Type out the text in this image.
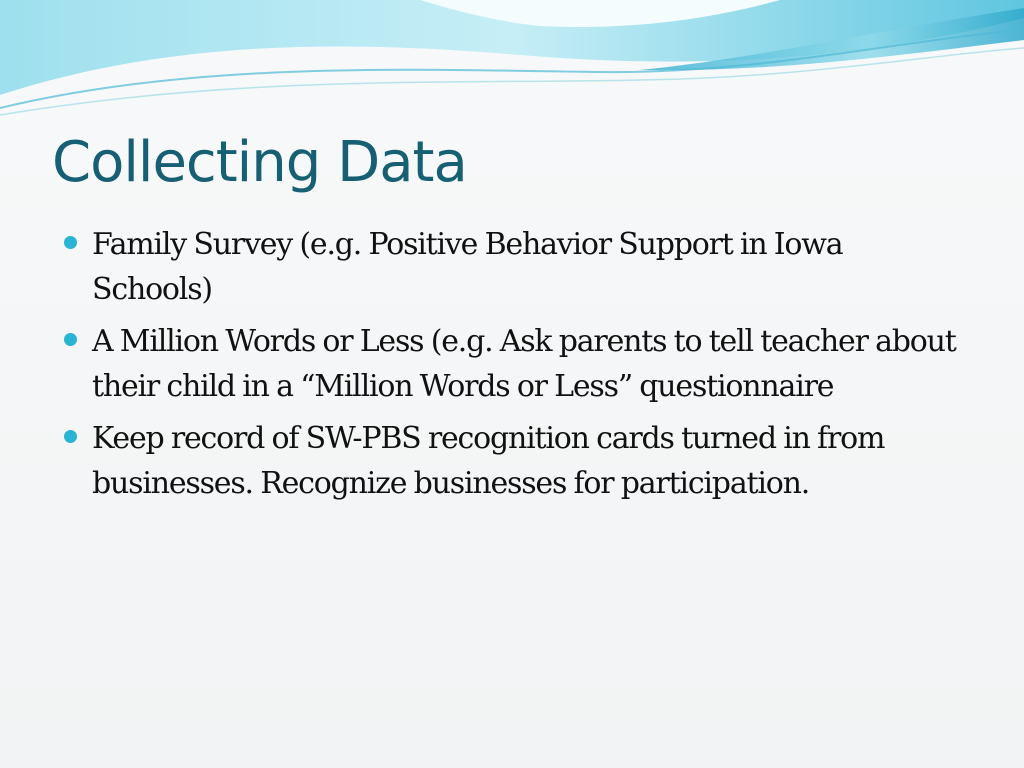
Collecting Data
Family Survey (e.g. Positive Behavior Support in Iowa Schools)
A Million Words or Less (e.g. Ask parents to tell teacher about their child in a “Million Words or Less” questionnaire
Keep record of SW-PBS recognition cards turned in from businesses. Recognize businesses for participation.
